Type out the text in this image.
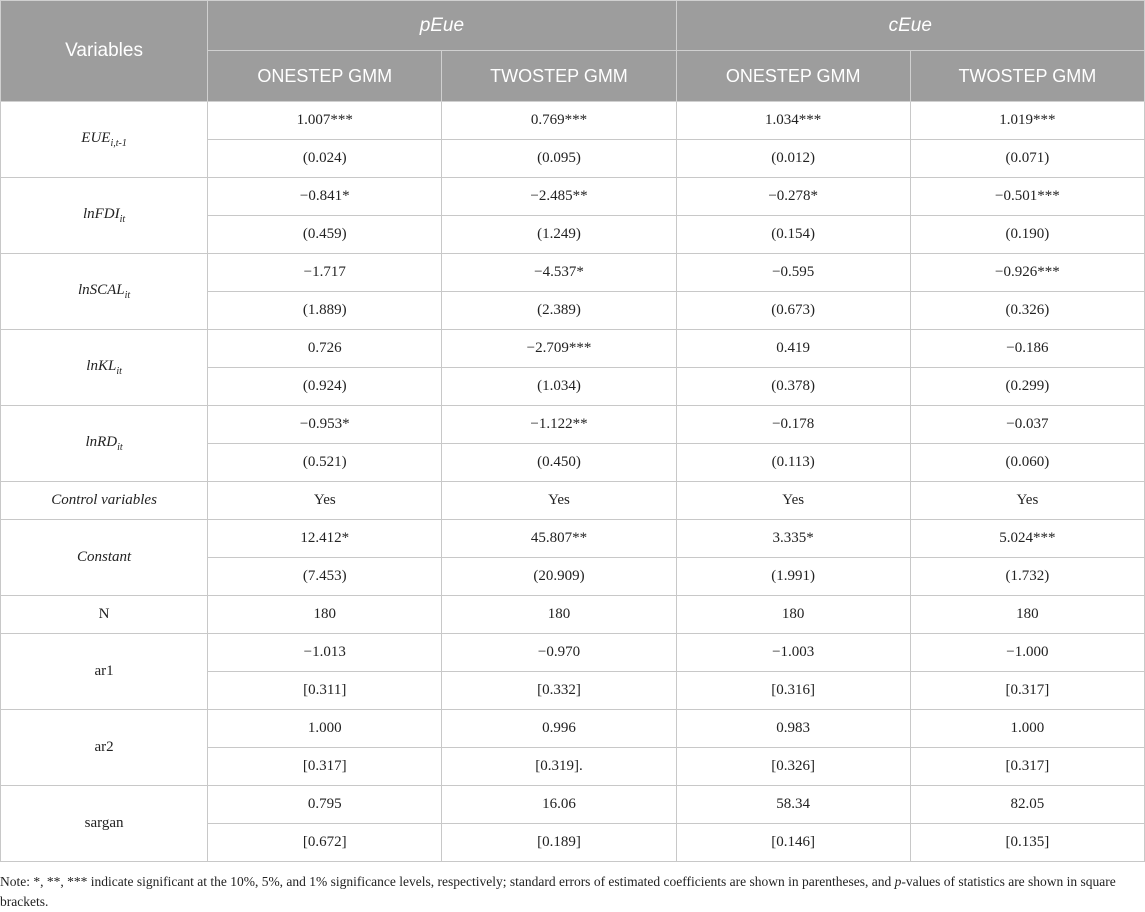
Variables	pEue		cEue	
	ONESTEP GMM	TWOSTEP GMM	ONESTEP GMM	TWOSTEP GMM
$EUE_{i,t-1}$	1.007***	0.769***	1.034***	1.019***
	(0.024)	(0.095)	(0.012)	(0.071)
lnFDI$_{it}$	−0.841*	−2.485**	−0.278*	−0.501***
	(0.459)	(1.249)	(0.154)	(0.190)
lnSCAL$_{it}$	−1.717	−4.537*	−0.595	−0.926***
	(1.889)	(2.389)	(0.673)	(0.326)
lnKL$_{it}$	0.726	−2.709***	0.419	−0.186
	(0.924)	(1.034)	(0.378)	(0.299)
lnRD$_{it}$	−0.953*	−1.122**	−0.178	−0.037
	(0.521)	(0.450)	(0.113)	(0.060)
Control variables	Yes	Yes	Yes	Yes
Constant	12.412*	45.807**	3.335*	5.024***
	(7.453)	(20.909)	(1.991)	(1.732)
N	180	180	180	180
ar1	−1.013	−0.970	−1.003	−1.000
	[0.311]	[0.332]	[0.316]	[0.317]
ar2	1.000	0.996	0.983	1.000
	[0.317]	[0.319].	[0.326]	[0.317]
sargan	0.795	16.06	58.34	82.05
	[0.672]	[0.189]	[0.146]	[0.135]
Note: *, **, *** indicate significant at the 10%, 5%, and 1% significance levels, respectively; standard errors of estimated coefficients are shown in parentheses, and p-values of statistics are shown in square brackets.
